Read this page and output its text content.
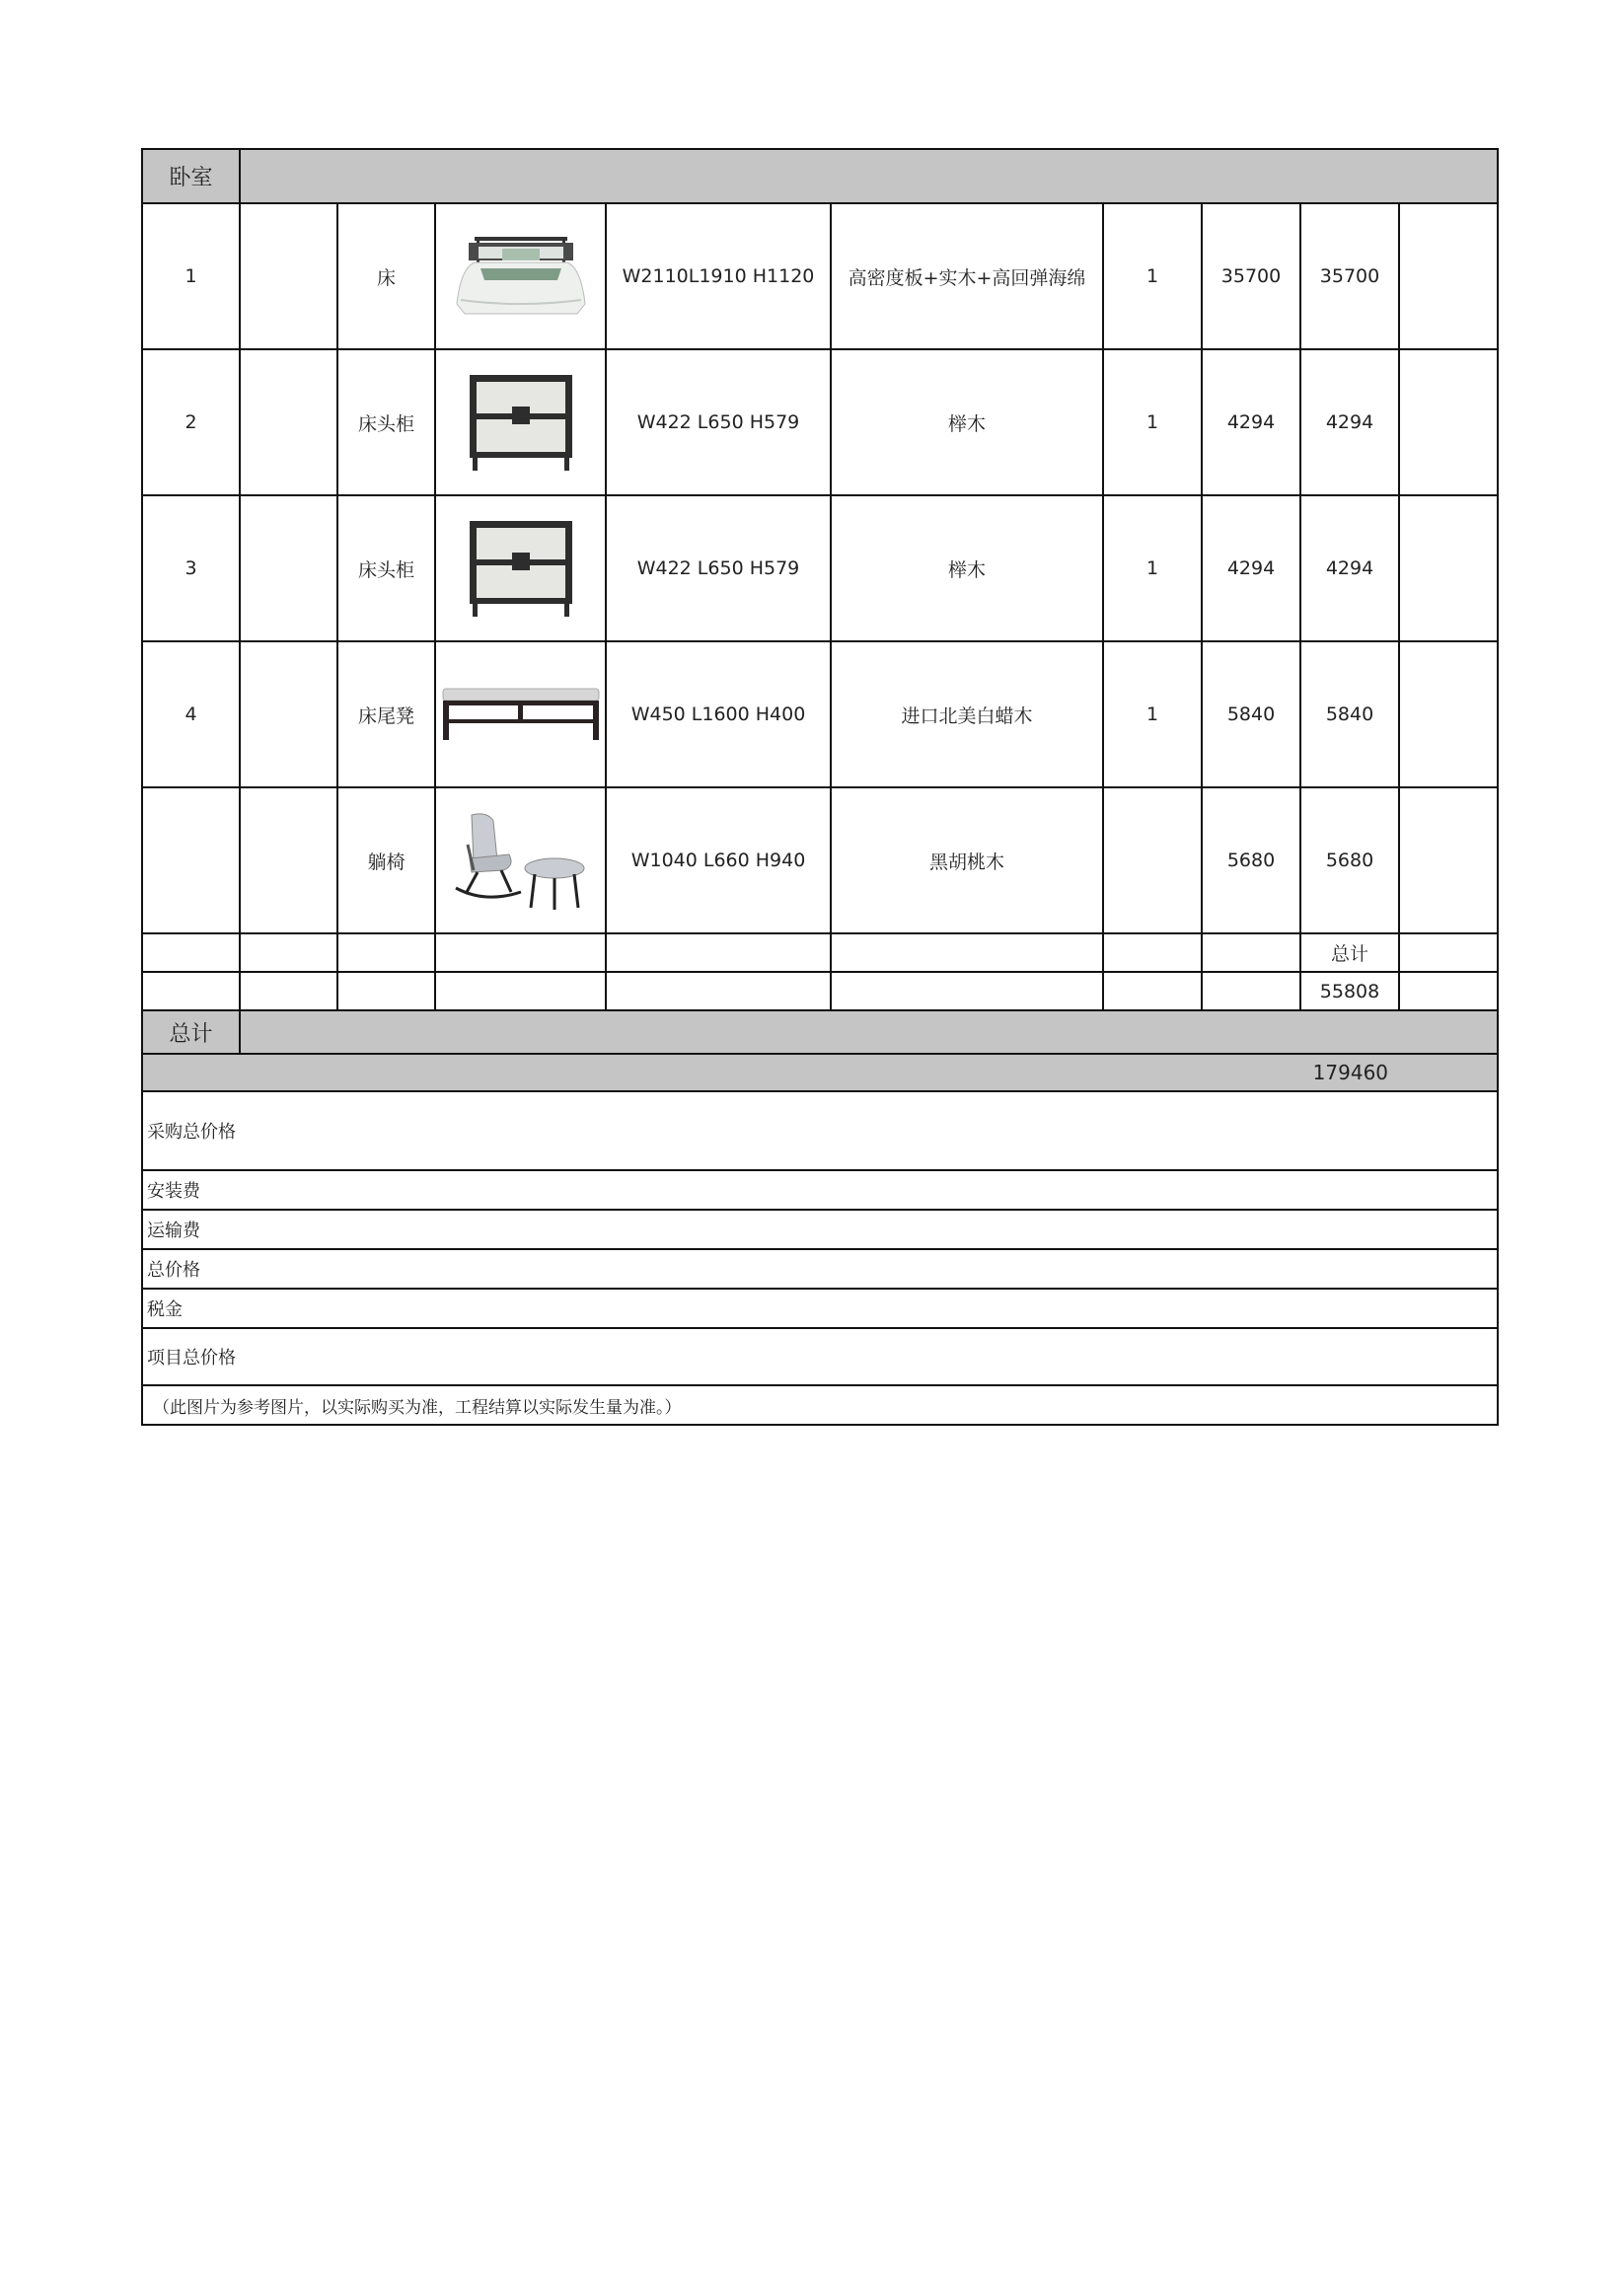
卧室									
1		床		W2110L1910 H1120	高密度板+实木+高回弹海绵	1	35700	35700	
2		床头柜		W422 L650 H579	榉木	1	4294	4294	
3		床头柜		W422 L650 H579	榉木	1	4294	4294	
4		床尾凳		W450 L1600 H400	进口北美白蜡木	1	5840	5840	
		躺椅		W1040 L660 H940	黑胡桃木		5680	5680	
								总计	
								55808	
总计									
179460									
采购总价格									
安装费									
运输费									
总价格									
税金									
项目总价格									
（此图片为参考图片，以实际购买为准，工程结算以实际发生量为准。）									
